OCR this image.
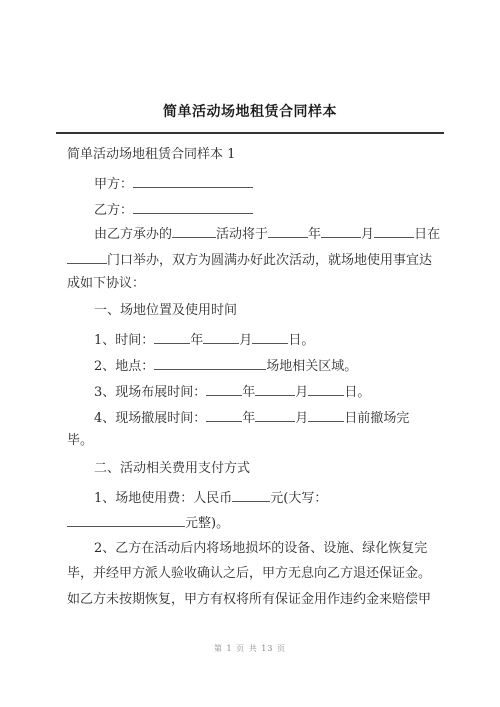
简单活动场地租赁合同样本
简单活动场地租赁合同样本 1
甲方：
乙方：
由乙方承办的	活动将于	年	月	日在
门口举办，双方为圆满办好此次活动，就场地使用事宜达
成如下协议：
一、场地位置及使用时间
1、时间：	年	月	日。
2、地点：	场地相关区域。
3、现场布展时间：	年	月	日。
4、现场撤展时间：	年	月	日前撤场完
毕。
二、活动相关费用支付方式
1、场地使用费：人民币	元(大写：
元整)。
2、乙方在活动后内将场地损坏的设备、设施、绿化恢复完
毕，并经甲方派人验收确认之后，甲方无息向乙方退还保证金。
如乙方未按期恢复，甲方有权将所有保证金用作违约金来赔偿甲
第 1 页 共 13 页
